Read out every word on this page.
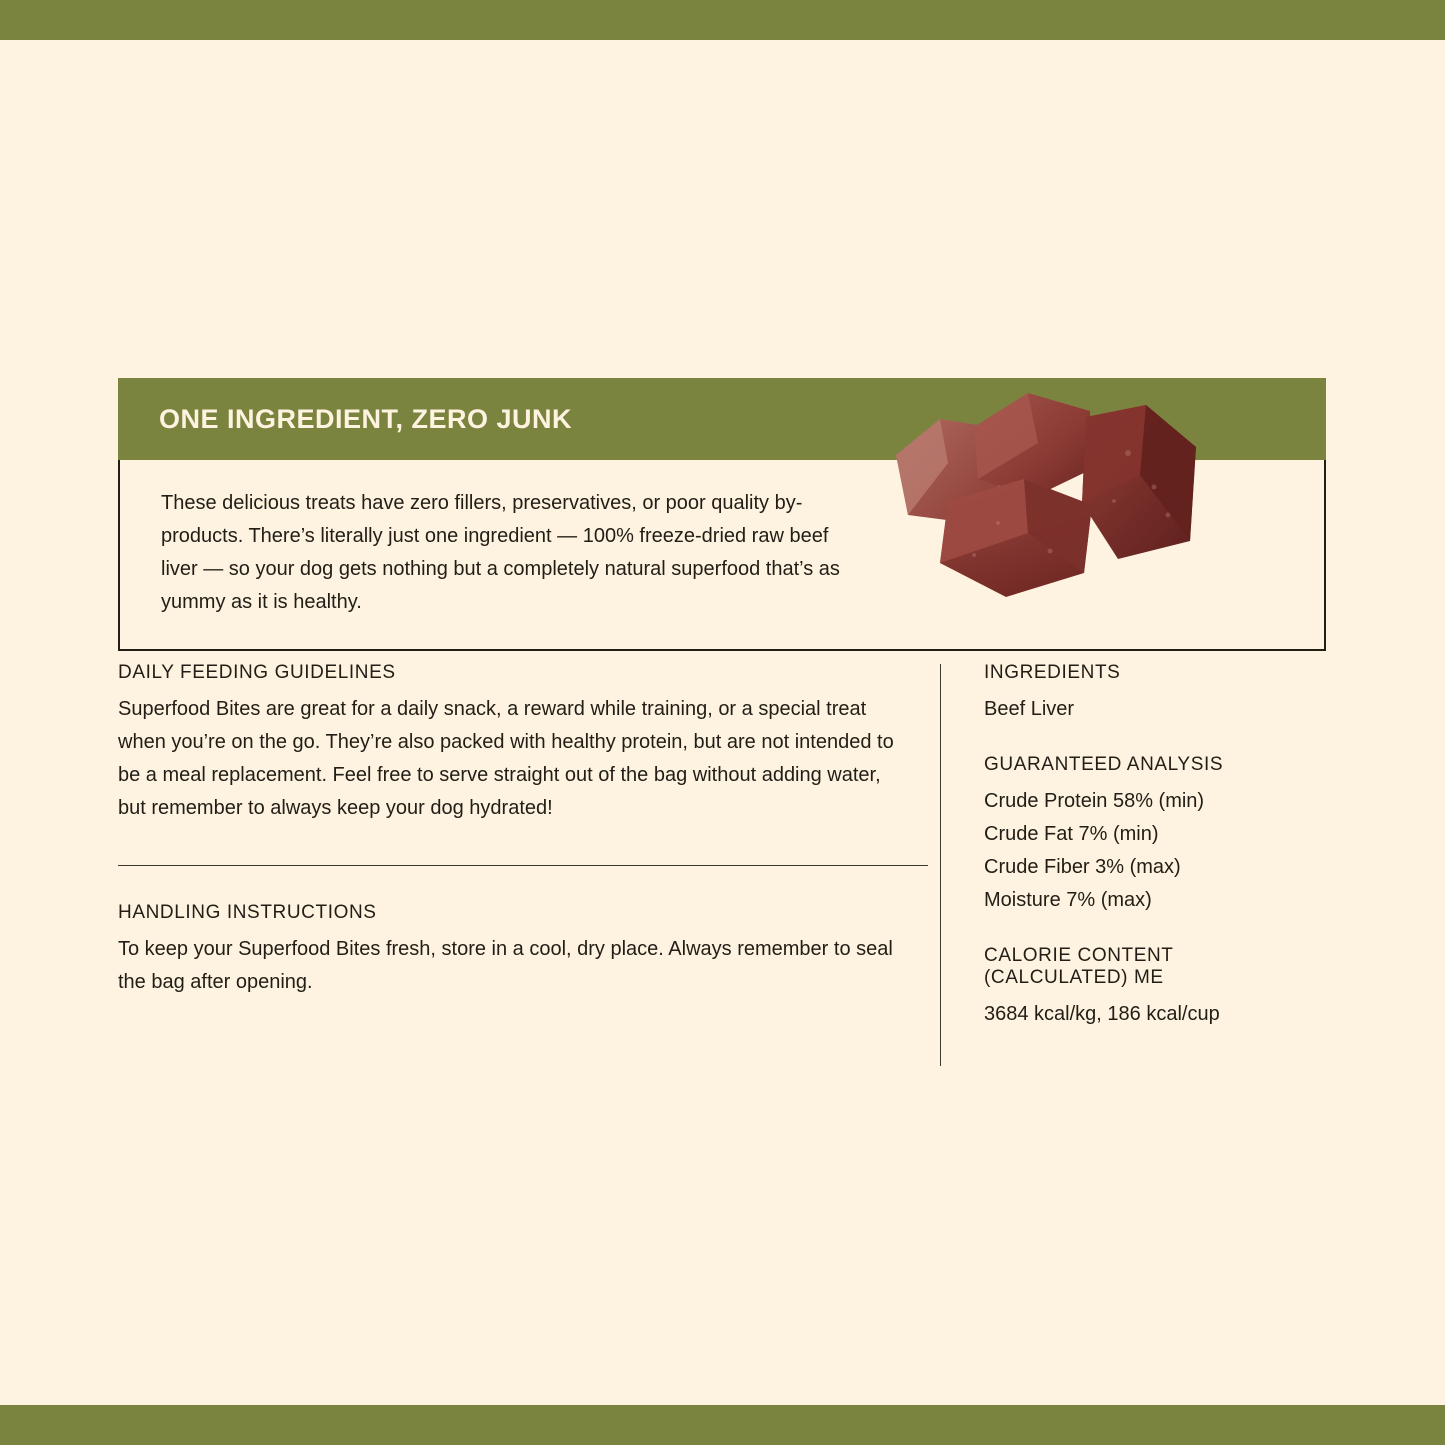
ONE INGREDIENT, ZERO JUNK

These delicious treats have zero fillers, preservatives, or poor quality by-products. There’s literally just one ingredient — 100% freeze-dried raw beef liver — so your dog gets nothing but a completely natural superfood that’s as yummy as it is healthy.

DAILY FEEDING GUIDELINES

Superfood Bites are great for a daily snack, a reward while training, or a special treat when you’re on the go. They’re also packed with healthy protein, but are not intended to be a meal replacement. Feel free to serve straight out of the bag without adding water, but remember to always keep your dog hydrated!

HANDLING INSTRUCTIONS

To keep your Superfood Bites fresh, store in a cool, dry place. Always remember to seal the bag after opening.

INGREDIENTS

Beef Liver

GUARANTEED ANALYSIS

Crude Protein 58% (min)

Crude Fat 7% (min)

Crude Fiber 3% (max)

Moisture 7% (max)

CALORIE CONTENT
(CALCULATED) ME

3684 kcal/kg, 186 kcal/cup
